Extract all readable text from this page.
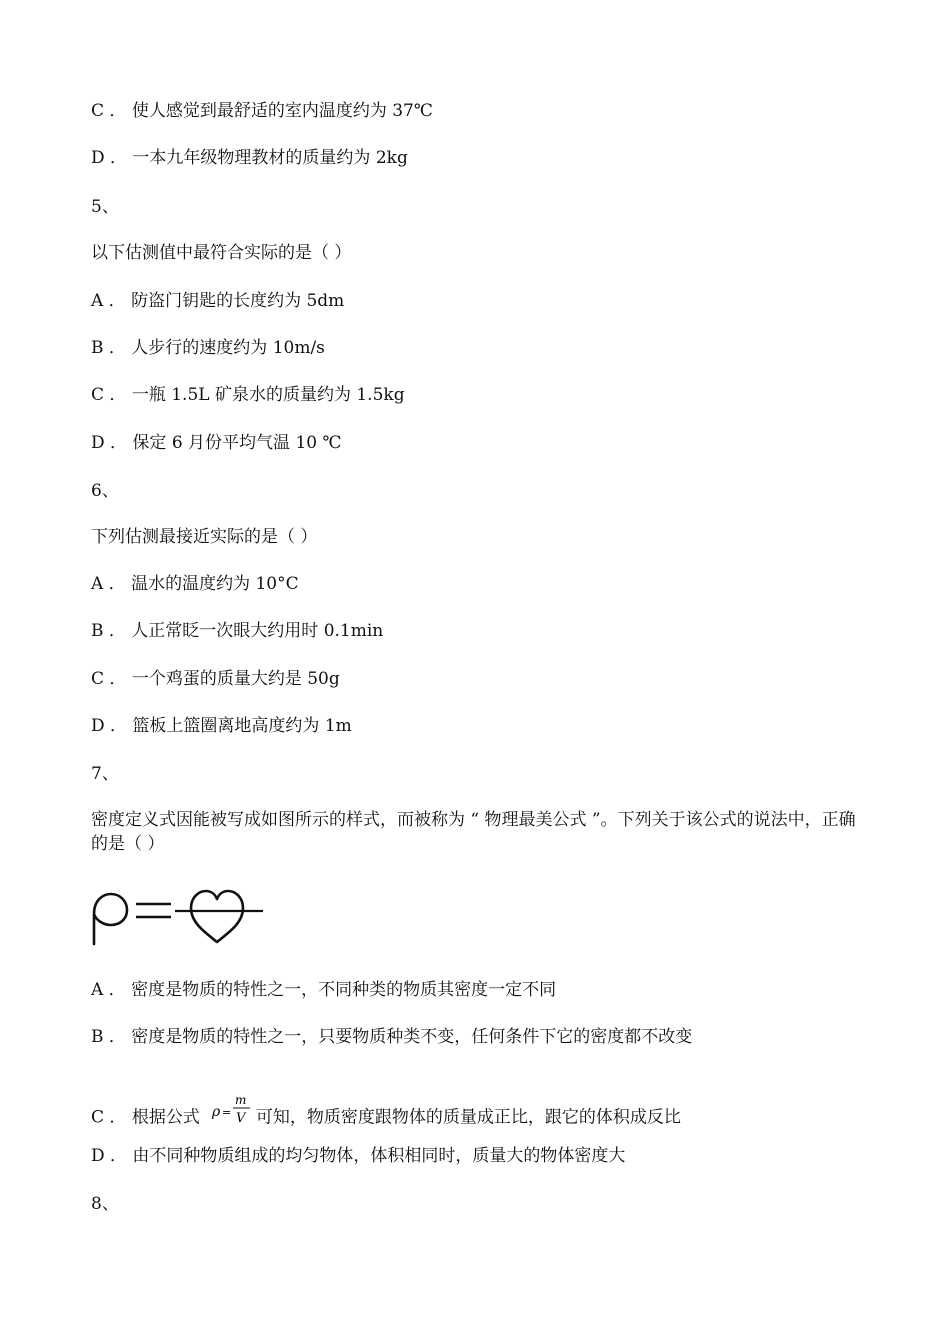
C ． 使人感觉到最舒适的室内温度约为 37℃
D ． 一本九年级物理教材的质量约为 2kg
5、
以下估测值中最符合实际的是（ ）
A ． 防盗门钥匙的长度约为 5dm
B ． 人步行的速度约为 10m/s
C ． 一瓶 1.5L 矿泉水的质量约为 1.5kg
D ． 保定 6 月份平均气温 10 ℃
6、
下列估测最接近实际的是（ ）
A ． 温水的温度约为 10°C
B ． 人正常眨一次眼大约用时 0.1min
C ． 一个鸡蛋的质量大约是 50g
D ． 篮板上篮圈离地高度约为 1m
7、
密度定义式因能被写成如图所示的样式，而被称为 “ 物理最美公式 ”。下列关于该公式的说法中，正确的是（ ）
A ． 密度是物质的特性之一，不同种类的物质其密度一定不同
B ． 密度是物质的特性之一，只要物质种类不变，任何条件下它的密度都不改变
C ． 根据公式 ρ =
m
V 可知，物质密度跟物体的质量成正比，跟它的体积成反比
D ． 由不同种物质组成的均匀物体，体积相同时，质量大的物体密度大
8、
